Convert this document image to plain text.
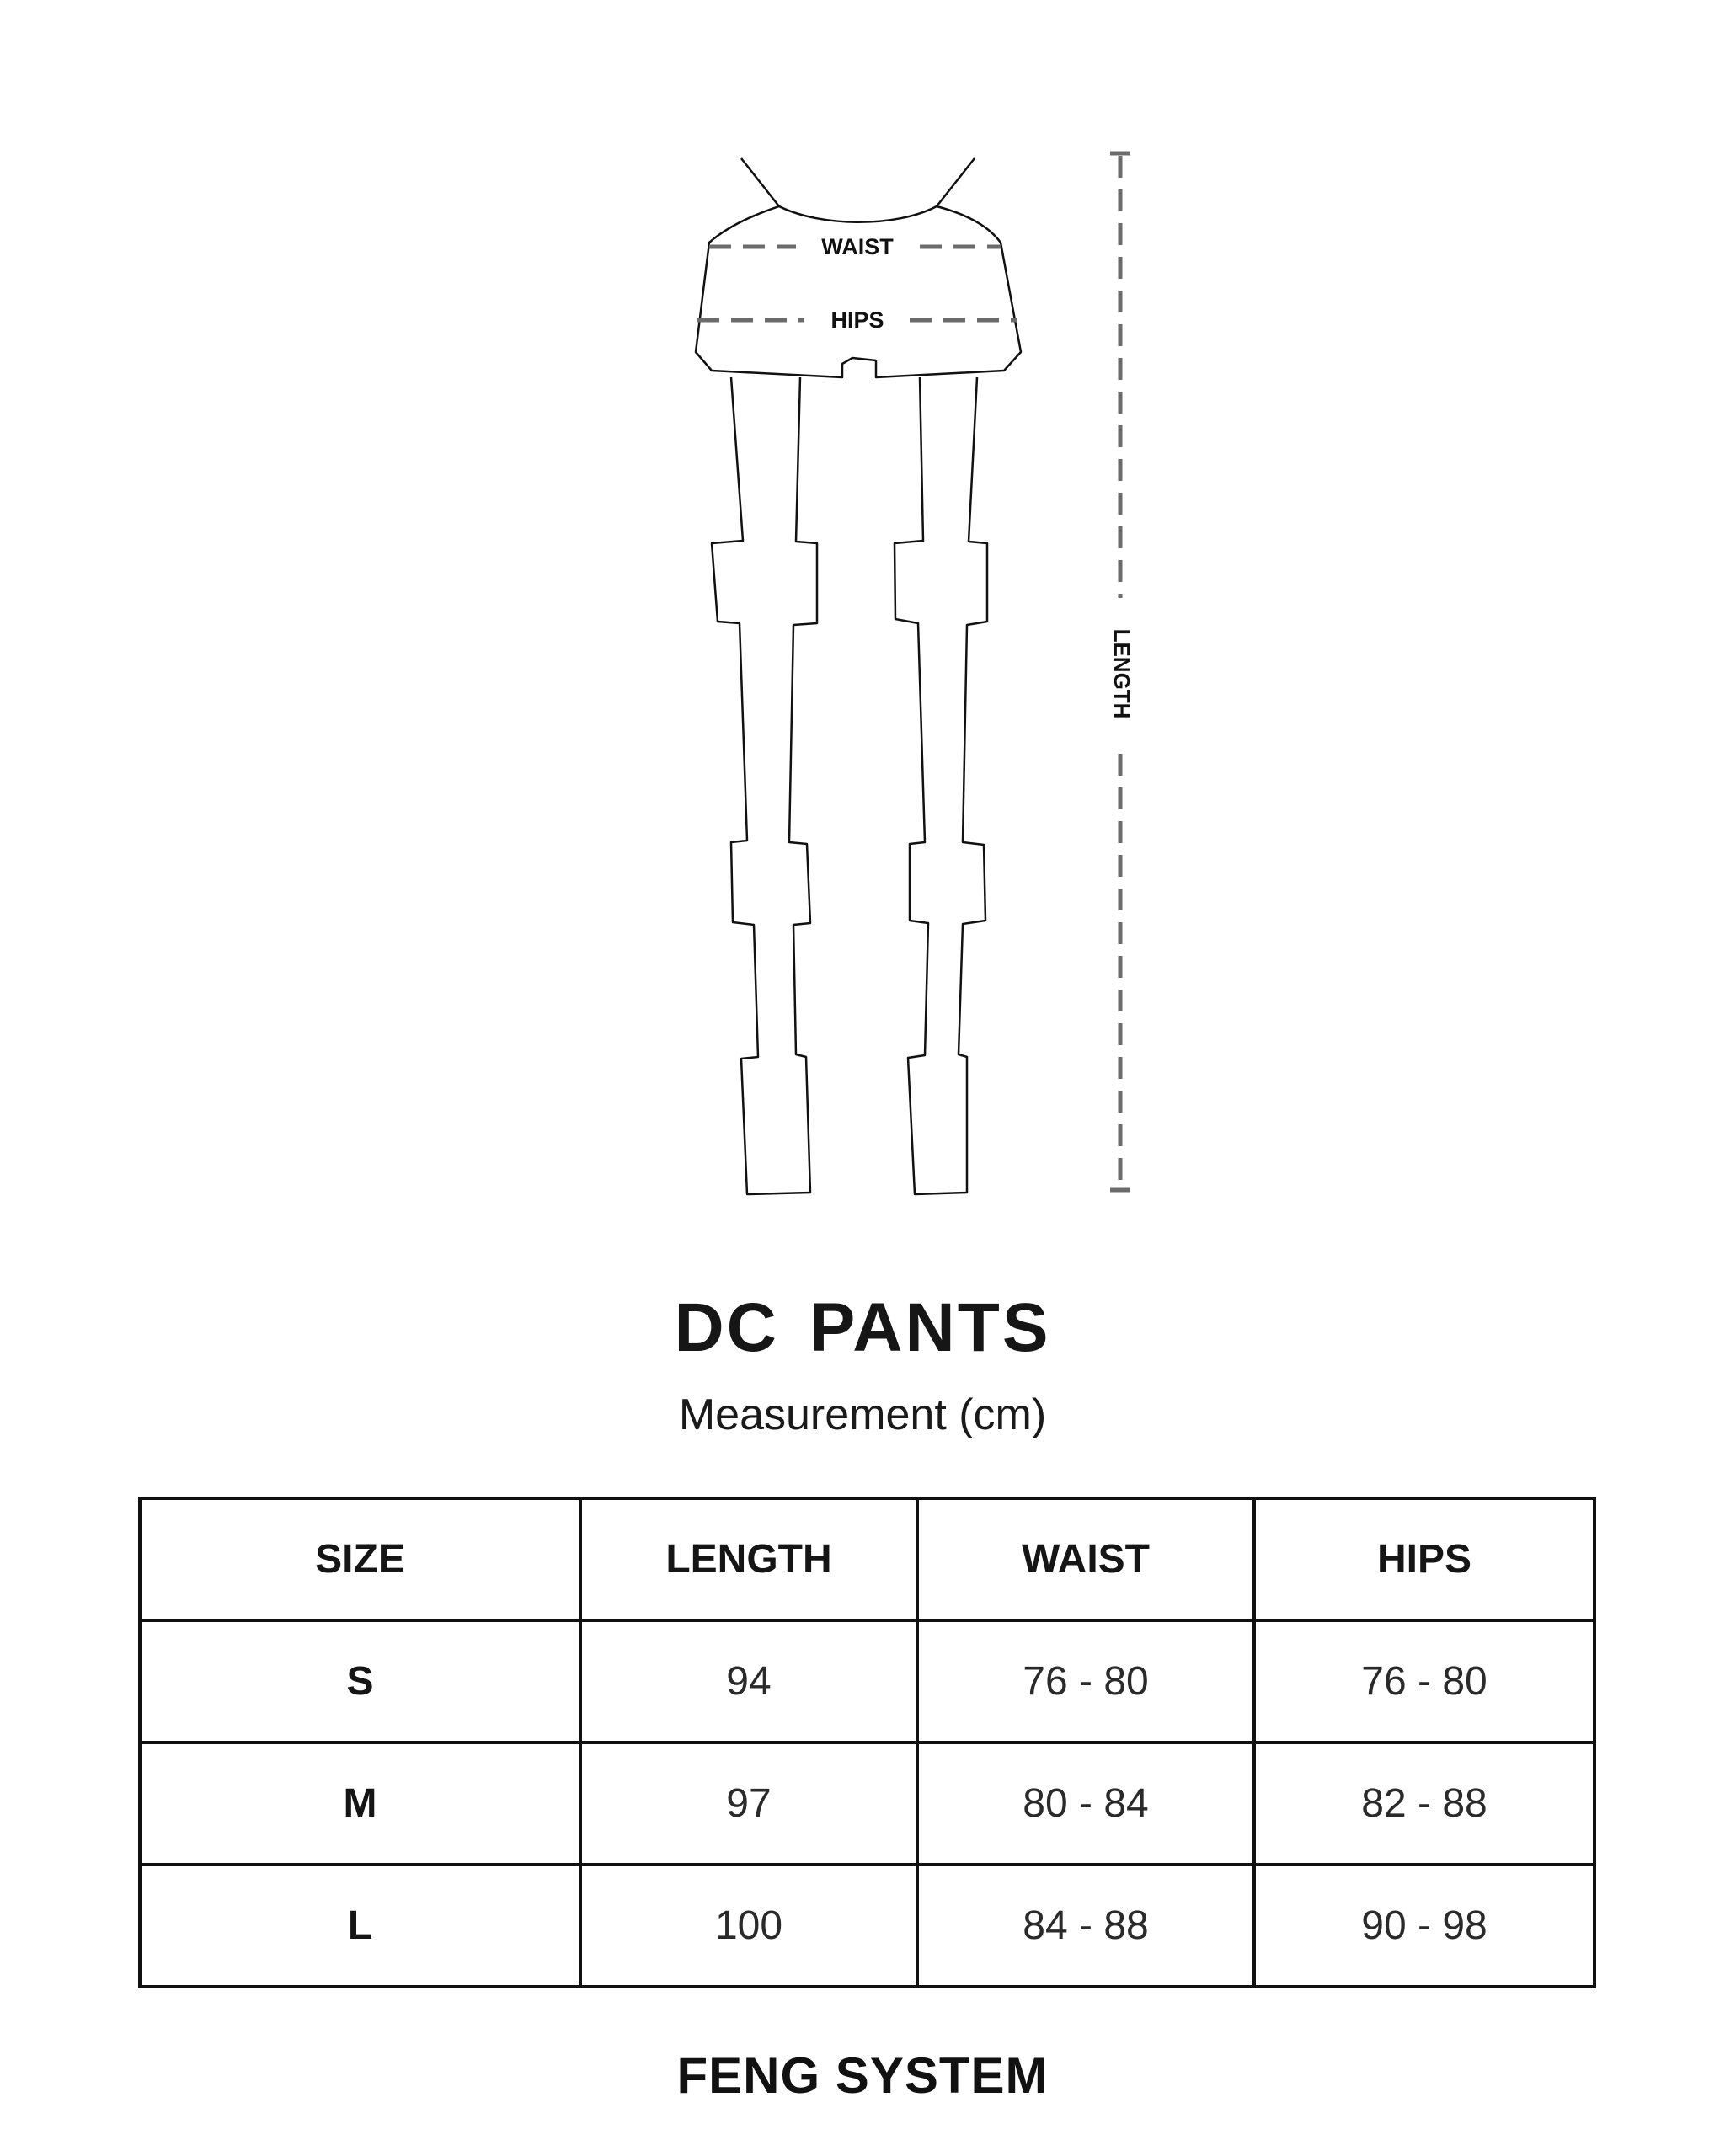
WAIST
HIPS
LENGTH
DC PANTS
Measurement (cm)
SIZE	LENGTH	WAIST	HIPS
S	94	76 - 80	76 - 80
M	97	80 - 84	82 - 88
L	100	84 - 88	90 - 98
FENG SYSTEM
